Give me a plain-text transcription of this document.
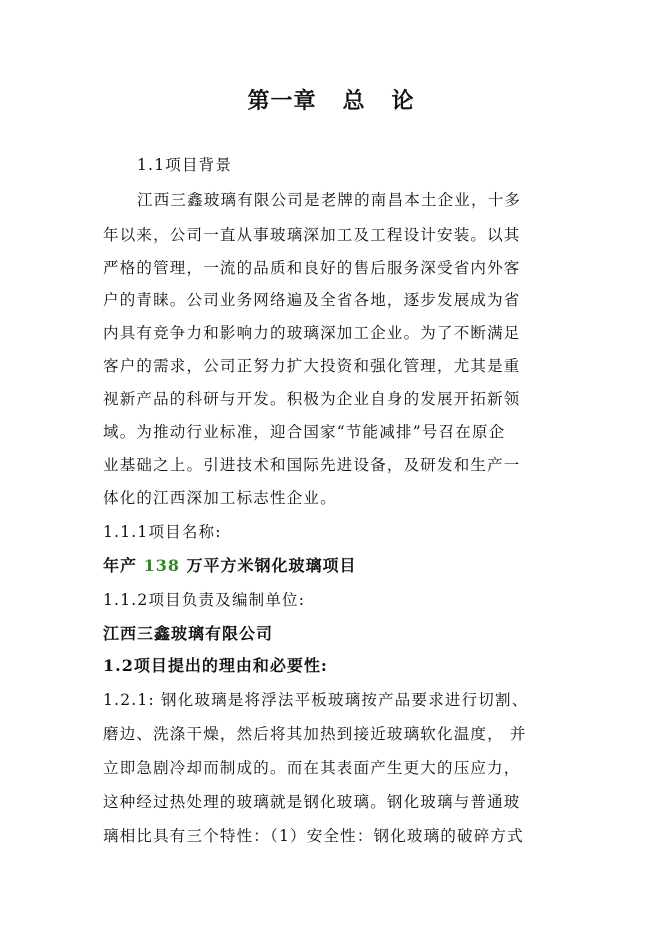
第一章   总   论
1.1项目背景
江西三鑫玻璃有限公司是老牌的南昌本土企业，十多
年以来，公司一直从事玻璃深加工及工程设计安装。以其
严格的管理，一流的品质和良好的售后服务深受省内外客
户的青睐。公司业务网络遍及全省各地，逐步发展成为省
内具有竞争力和影响力的玻璃深加工企业。为了不断满足
客户的需求，公司正努力扩大投资和强化管理，尤其是重
视新产品的科研与开发。积极为企业自身的发展开拓新领
域。为推动行业标准，迎合国家“节能减排”号召在原企
业基础之上。引进技术和国际先进设备，及研发和生产一
体化的江西深加工标志性企业。
1.1.1项目名称:
年产 138 万平方米钢化玻璃项目
1.1.2项目负责及编制单位:
江西三鑫玻璃有限公司
1.2项目提出的理由和必要性:
1.2.1: 钢化玻璃是将浮法平板玻璃按产品要求进行切割、
磨边、洗涤干燥，然后将其加热到接近玻璃软化温度， 并
立即急剧冷却而制成的。而在其表面产生更大的压应力，
这种经过热处理的玻璃就是钢化玻璃。钢化玻璃与普通玻
璃相比具有三个特性：（1）安全性：钢化玻璃的破碎方式
